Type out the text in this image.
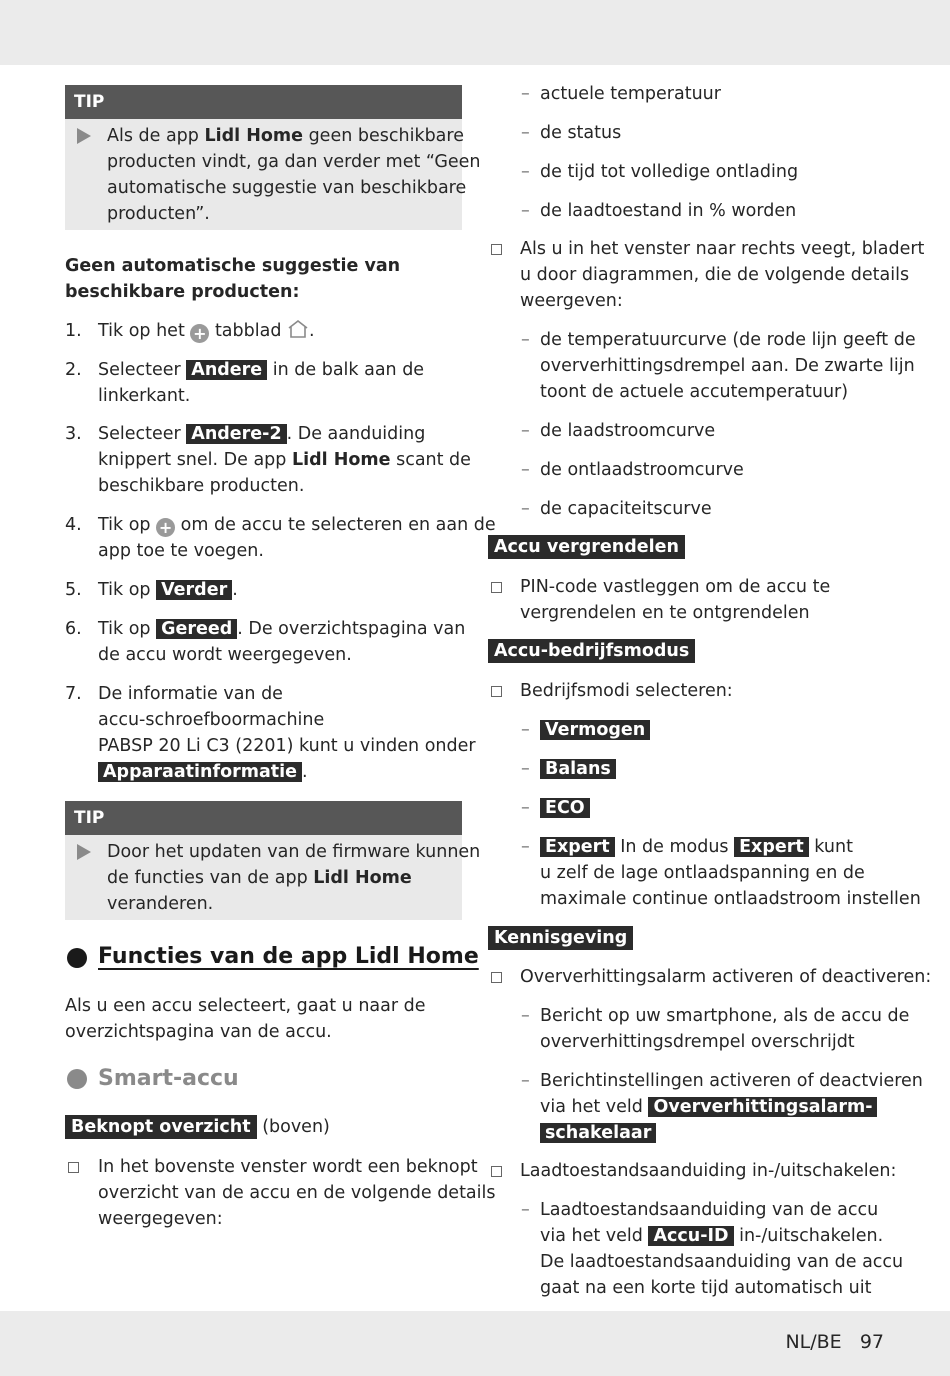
TIP
Als de app Lidl Home geen beschikbare
producten vindt, ga dan verder met “Geen
automatische suggestie van beschikbare
producten”.
Geen automatische suggestie van
beschikbare producten:
1. Tik op het + tabblad .
2. Selecteer Andere in de balk aan de
linkerkant.
3. Selecteer Andere-2 . De aanduiding
knippert snel. De app Lidl Home scant de
beschikbare producten.
4. Tik op + om de accu te selecteren en aan de
app toe te voegen.
5. Tik op Verder .
6. Tik op Gereed . De overzichtspagina van
de accu wordt weergegeven.
7. De informatie van de
accu-schroefboormachine
PABSP 20 Li C3 (2201) kunt u vinden onder
Apparaatinformatie .
TIP
Door het updaten van de firmware kunnen
de functies van de app Lidl Home
veranderen.
Functies van de app Lidl Home
Als u een accu selecteert, gaat u naar de
overzichtspagina van de accu.
Smart-accu
Beknopt overzicht (boven)
In het bovenste venster wordt een beknopt
overzicht van de accu en de volgende details
weergegeven:
– actuele temperatuur
– de status
– de tijd tot volledige ontlading
– de laadtoestand in % worden
Als u in het venster naar rechts veegt, bladert
u door diagrammen, die de volgende details
weergeven:
– de temperatuurcurve (de rode lijn geeft de
oververhittingsdrempel aan. De zwarte lijn
toont de actuele accutemperatuur)
– de laadstroomcurve
– de ontlaadstroomcurve
– de capaciteitscurve
Accu vergrendelen
PIN-code vastleggen om de accu te
vergrendelen en te ontgrendelen
Accu-bedrijfsmodus
Bedrijfsmodi selecteren:
– Vermogen
– Balans
– ECO
– Expert In de modus Expert kunt
u zelf de lage ontlaadspanning en de
maximale continue ontlaadstroom instellen
Kennisgeving
Oververhittingsalarm activeren of deactiveren:
– Bericht op uw smartphone, als de accu de
oververhittingsdrempel overschrijdt
– Berichtinstellingen activeren of deactvieren
via het veld Oververhittingsalarm-
schakelaar
Laadtoestandsaanduiding in-/uitschakelen:
– Laadtoestandsaanduiding van de accu
via het veld Accu-ID in-/uitschakelen.
De laadtoestandsaanduiding van de accu
gaat na een korte tijd automatisch uit
NL/BE 97
